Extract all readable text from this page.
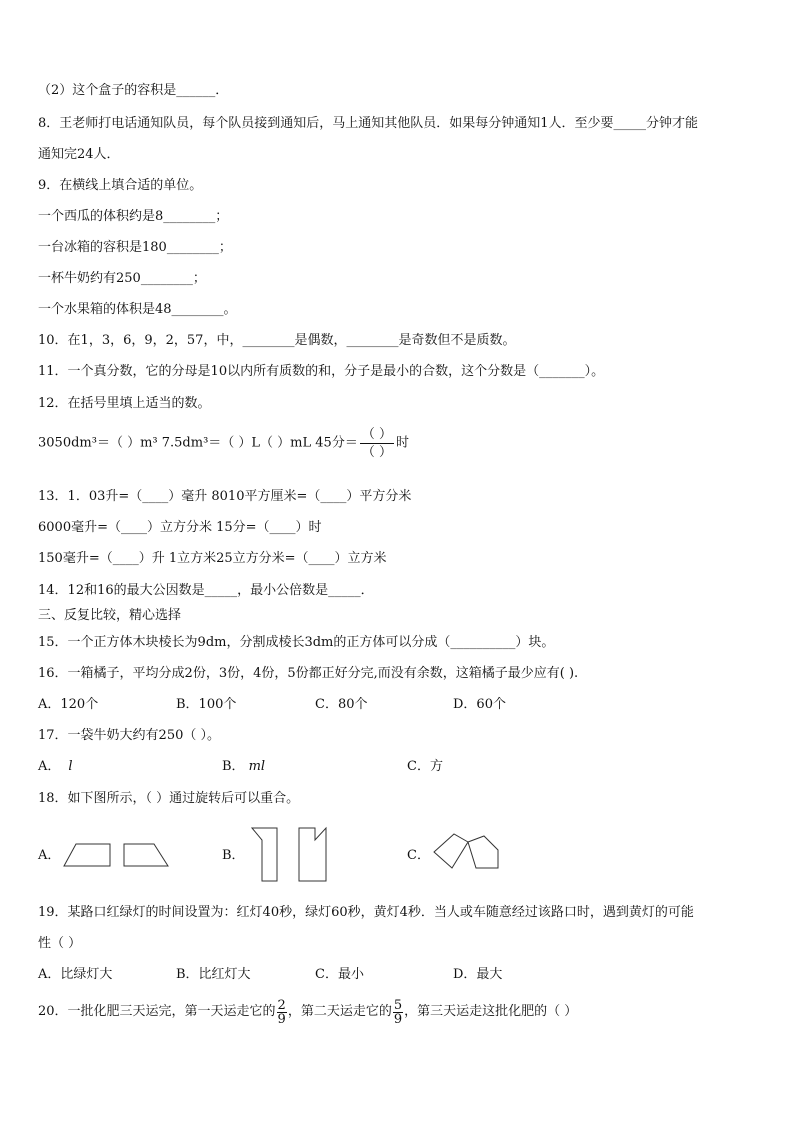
（2）这个盒子的容积是______．
8．王老师打电话通知队员，每个队员接到通知后，马上通知其他队员．如果每分钟通知1人．至少要_____分钟才能
通知完24人．
9．在横线上填合适的单位。
一个西瓜的体积约是8________；
一台冰箱的容积是180________；
一杯牛奶约有250________；
一个水果箱的体积是48________。
10．在1，3，6，9，2，57，中，________是偶数，________是奇数但不是质数。
11．一个真分数，它的分母是10以内所有质数的和，分子是最小的合数，这个分数是（_______）。
12．在括号里填上适当的数。
3050dm³＝（ ）m³ 7.5dm³＝（ ）L（ ）mL 45分＝ $\frac{( )}{( )}$ 时
13．1．03升=（____）毫升 8010平方厘米=（____）平方分米
6000毫升=（____）立方分米 15分=（____）时
150毫升=（____）升 1立方米25立方分米=（____）立方米
14．12和16的最大公因数是_____，最小公倍数是_____．
三、反复比较，精心选择
15．一个正方体木块棱长为9dm，分割成棱长3dm的正方体可以分成（__________）块。
16．一箱橘子，平均分成2份，3份，4份，5份都正好分完,而没有余数，这箱橘子最少应有( ).
A．120个	B．100个	C．80个	D．60个
17．一袋牛奶大约有250（ ）。
A． l	B． ml	C．方
18．如下图所示，（ ）通过旋转后可以重合。
A．	B．	C．
19．某路口红绿灯的时间设置为：红灯40秒，绿灯60秒，黄灯4秒．当人或车随意经过该路口时，遇到黄灯的可能
性（ ）
A．比绿灯大	B．比红灯大	C．最小	D．最大
20．一批化肥三天运完，第一天运走它的 $\frac{2}{9}$ ，第二天运走它的 $\frac{5}{9}$ ，第三天运走这批化肥的（ ）
